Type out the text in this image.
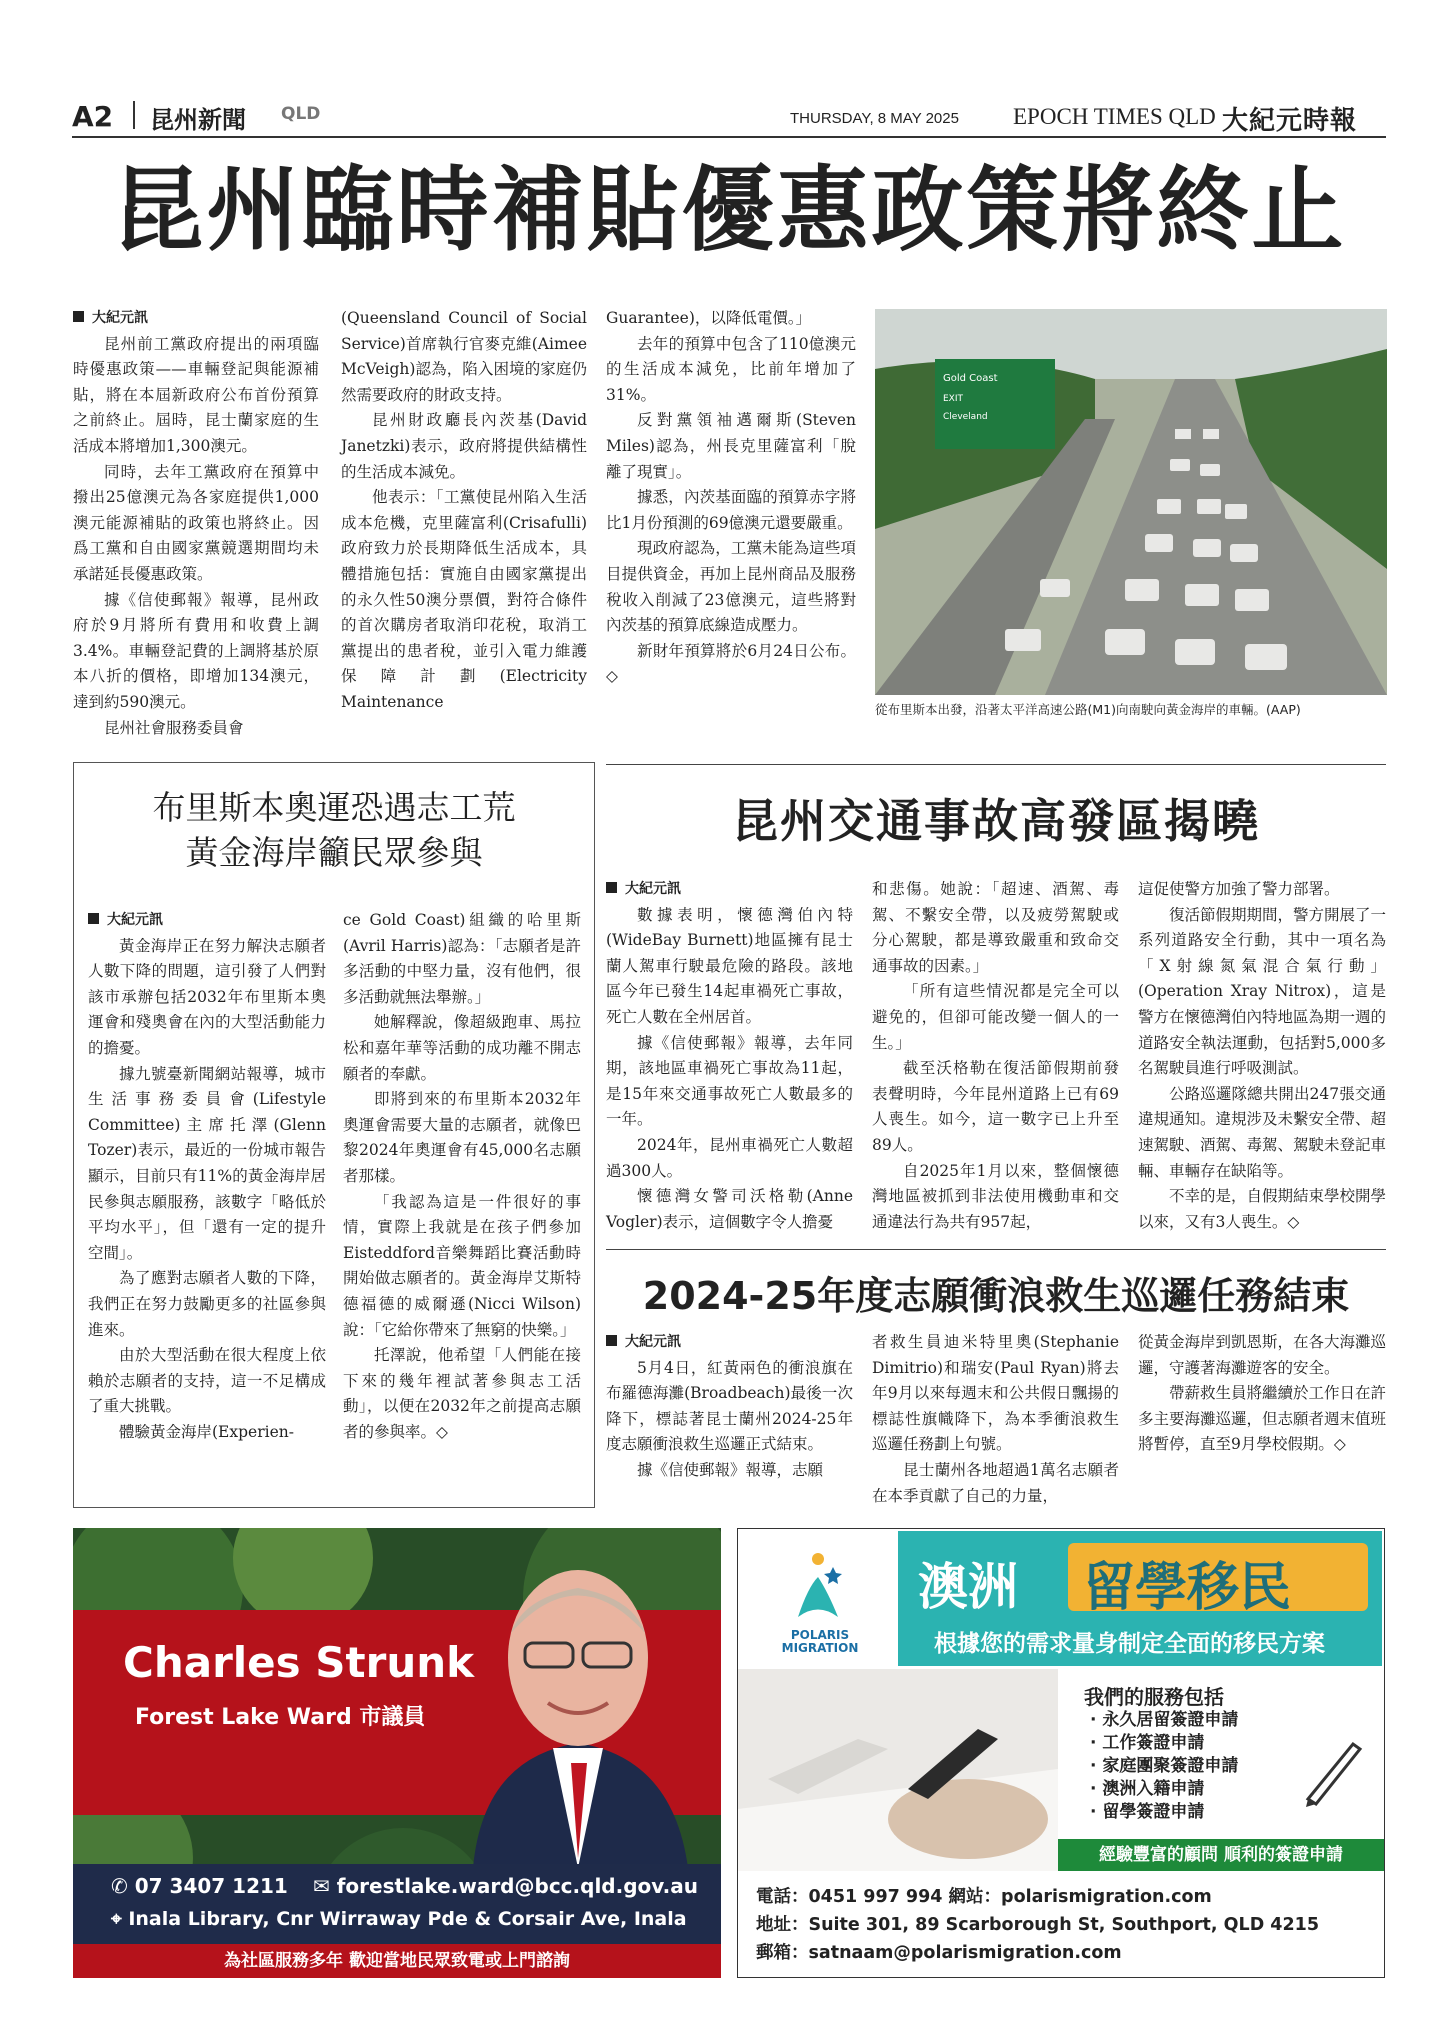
A2 昆州新聞 QLD	THURSDAY, 8 MAY 2025 EPOCH TIMES QLD 大紀元時報
昆州臨時補貼優惠政策將終止
大紀元訊

昆州前工黨政府提出的兩項臨時優惠政策——車輛登記與能源補貼，將在本屆新政府公布首份預算之前終止。屆時，昆士蘭家庭的生活成本將增加1,300澳元。

同時，去年工黨政府在預算中撥出25億澳元為各家庭提供1,000澳元能源補貼的政策也將終止。因爲工黨和自由國家黨競選期間均未承諾延長優惠政策。

據《信使郵報》報導，昆州政府於9月將所有費用和收費上調3.4%。車輛登記費的上調將基於原本八折的價格，即增加134澳元，達到約590澳元。

昆州社會服務委員會

(Queensland Council of Social Service)首席執行官麥克維(Aimee McVeigh)認為，陷入困境的家庭仍然需要政府的財政支持。

昆州財政廳長內茨基(David Janetzki)表示，政府將提供結構性的生活成本減免。

他表示：「工黨使昆州陷入生活成本危機，克里薩富利(Crisafulli)政府致力於長期降低生活成本，具體措施包括：實施自由國家黨提出的永久性50澳分票價，對符合條件的首次購房者取消印花稅，取消工黨提出的患者稅，並引入電力維護保障計劃(Electricity Maintenance

Guarantee)，以降低電價。」

去年的預算中包含了110億澳元的生活成本減免，比前年增加了31%。

反對黨領袖邁爾斯(Steven Miles)認為，州長克里薩富利「脫離了現實」。

據悉，內茨基面臨的預算赤字將比1月份預測的69億澳元還要嚴重。

現政府認為，工黨未能為這些項目提供資金，再加上昆州商品及服務稅收入削減了23億澳元，這些將對內茨基的預算底線造成壓力。

新財年預算將於6月24日公布。◇

Gold Coast
EXIT
Cleveland
從布里斯本出發，沿著太平洋高速公路(M1)向南駛向黃金海岸的車輛。(AAP)
布里斯本奧運恐遇志工荒
黃金海岸籲民眾參與
大紀元訊

黃金海岸正在努力解決志願者人數下降的問題，這引發了人們對該市承辦包括2032年布里斯本奧運會和殘奧會在內的大型活動能力的擔憂。

據九號臺新聞網站報導，城市生活事務委員會(Lifestyle Committee)主席托澤(Glenn Tozer)表示，最近的一份城市報告顯示，目前只有11%的黃金海岸居民參與志願服務，該數字「略低於平均水平」，但「還有一定的提升空間」。

為了應對志願者人數的下降，我們正在努力鼓勵更多的社區參與進來。

由於大型活動在很大程度上依賴於志願者的支持，這一不足構成了重大挑戰。

體驗黃金海岸(Experien-

ce Gold Coast)組織的哈里斯(Avril Harris)認為：「志願者是許多活動的中堅力量，沒有他們，很多活動就無法舉辦。」

她解釋說，像超級跑車、馬拉松和嘉年華等活動的成功離不開志願者的奉獻。

即將到來的布里斯本2032年奧運會需要大量的志願者，就像巴黎2024年奧運會有45,000名志願者那樣。

「我認為這是一件很好的事情，實際上我就是在孩子們參加Eisteddford音樂舞蹈比賽活動時開始做志願者的。黃金海岸艾斯特德福德的威爾遜(Nicci Wilson)說：「它給你帶來了無窮的快樂。」

托澤說，他希望「人們能在接下來的幾年裡試著參與志工活動」，以便在2032年之前提高志願者的參與率。◇

昆州交通事故高發區揭曉
大紀元訊

數據表明，懷德灣伯內特(WideBay Burnett)地區擁有昆士蘭人駕車行駛最危險的路段。該地區今年已發生14起車禍死亡事故，死亡人數在全州居首。

據《信使郵報》報導，去年同期，該地區車禍死亡事故為11起，是15年來交通事故死亡人數最多的一年。

2024年，昆州車禍死亡人數超過300人。

懷德灣女警司沃格勒(Anne Vogler)表示，這個數字令人擔憂

和悲傷。她說：「超速、酒駕、毒駕、不繫安全帶，以及疲勞駕駛或分心駕駛，都是導致嚴重和致命交通事故的因素。」

「所有這些情況都是完全可以避免的，但卻可能改變一個人的一生。」

截至沃格勒在復活節假期前發表聲明時，今年昆州道路上已有69人喪生。如今，這一數字已上升至89人。

自2025年1月以來，整個懷德灣地區被抓到非法使用機動車和交通違法行為共有957起，

這促使警方加強了警力部署。

復活節假期期間，警方開展了一系列道路安全行動，其中一項名為「X射線氮氣混合氣行動」(Operation Xray Nitrox)，這是警方在懷德灣伯內特地區為期一週的道路安全執法運動，包括對5,000多名駕駛員進行呼吸測試。

公路巡邏隊總共開出247張交通違規通知。違規涉及未繫安全帶、超速駕駛、酒駕、毒駕、駕駛未登記車輛、車輛存在缺陷等。

不幸的是，自假期結束學校開學以來，又有3人喪生。◇

2024-25年度志願衝浪救生巡邏任務結束
大紀元訊

5月4日，紅黃兩色的衝浪旗在布羅德海灘(Broadbeach)最後一次降下，標誌著昆士蘭州2024-25年度志願衝浪救生巡邏正式結束。

據《信使郵報》報導，志願

者救生員迪米特里奧(Stephanie Dimitrio)和瑞安(Paul Ryan)將去年9月以來每週末和公共假日飄揚的標誌性旗幟降下，為本季衝浪救生巡邏任務劃上句號。

昆士蘭州各地超過1萬名志願者在本季貢獻了自己的力量，

從黃金海岸到凱恩斯，在各大海灘巡邏，守護著海灘遊客的安全。

帶薪救生員將繼續於工作日在許多主要海灘巡邏，但志願者週末值班將暫停，直至9月學校假期。◇

Charles Strunk
Forest Lake Ward 市議員
✆ 07 3407 1211 ✉ forestlake.ward@bcc.qld.gov.au
⌖ Inala Library, Cnr Wirraway Pde & Corsair Ave, Inala
為社區服務多年 歡迎當地民眾致電或上門諮詢
POLARIS
MIGRATION
澳洲 留學移民
根據您的需求量身制定全面的移民方案
我們的服務包括
· 永久居留簽證申請
· 工作簽證申請
· 家庭團聚簽證申請
· 澳洲入籍申請
· 留學簽證申請
經驗豐富的顧問 順利的簽證申請
電話：0451 997 994 網站：polarismigration.com
地址：Suite 301, 89 Scarborough St, Southport, QLD 4215
郵箱：satnaam@polarismigration.com
